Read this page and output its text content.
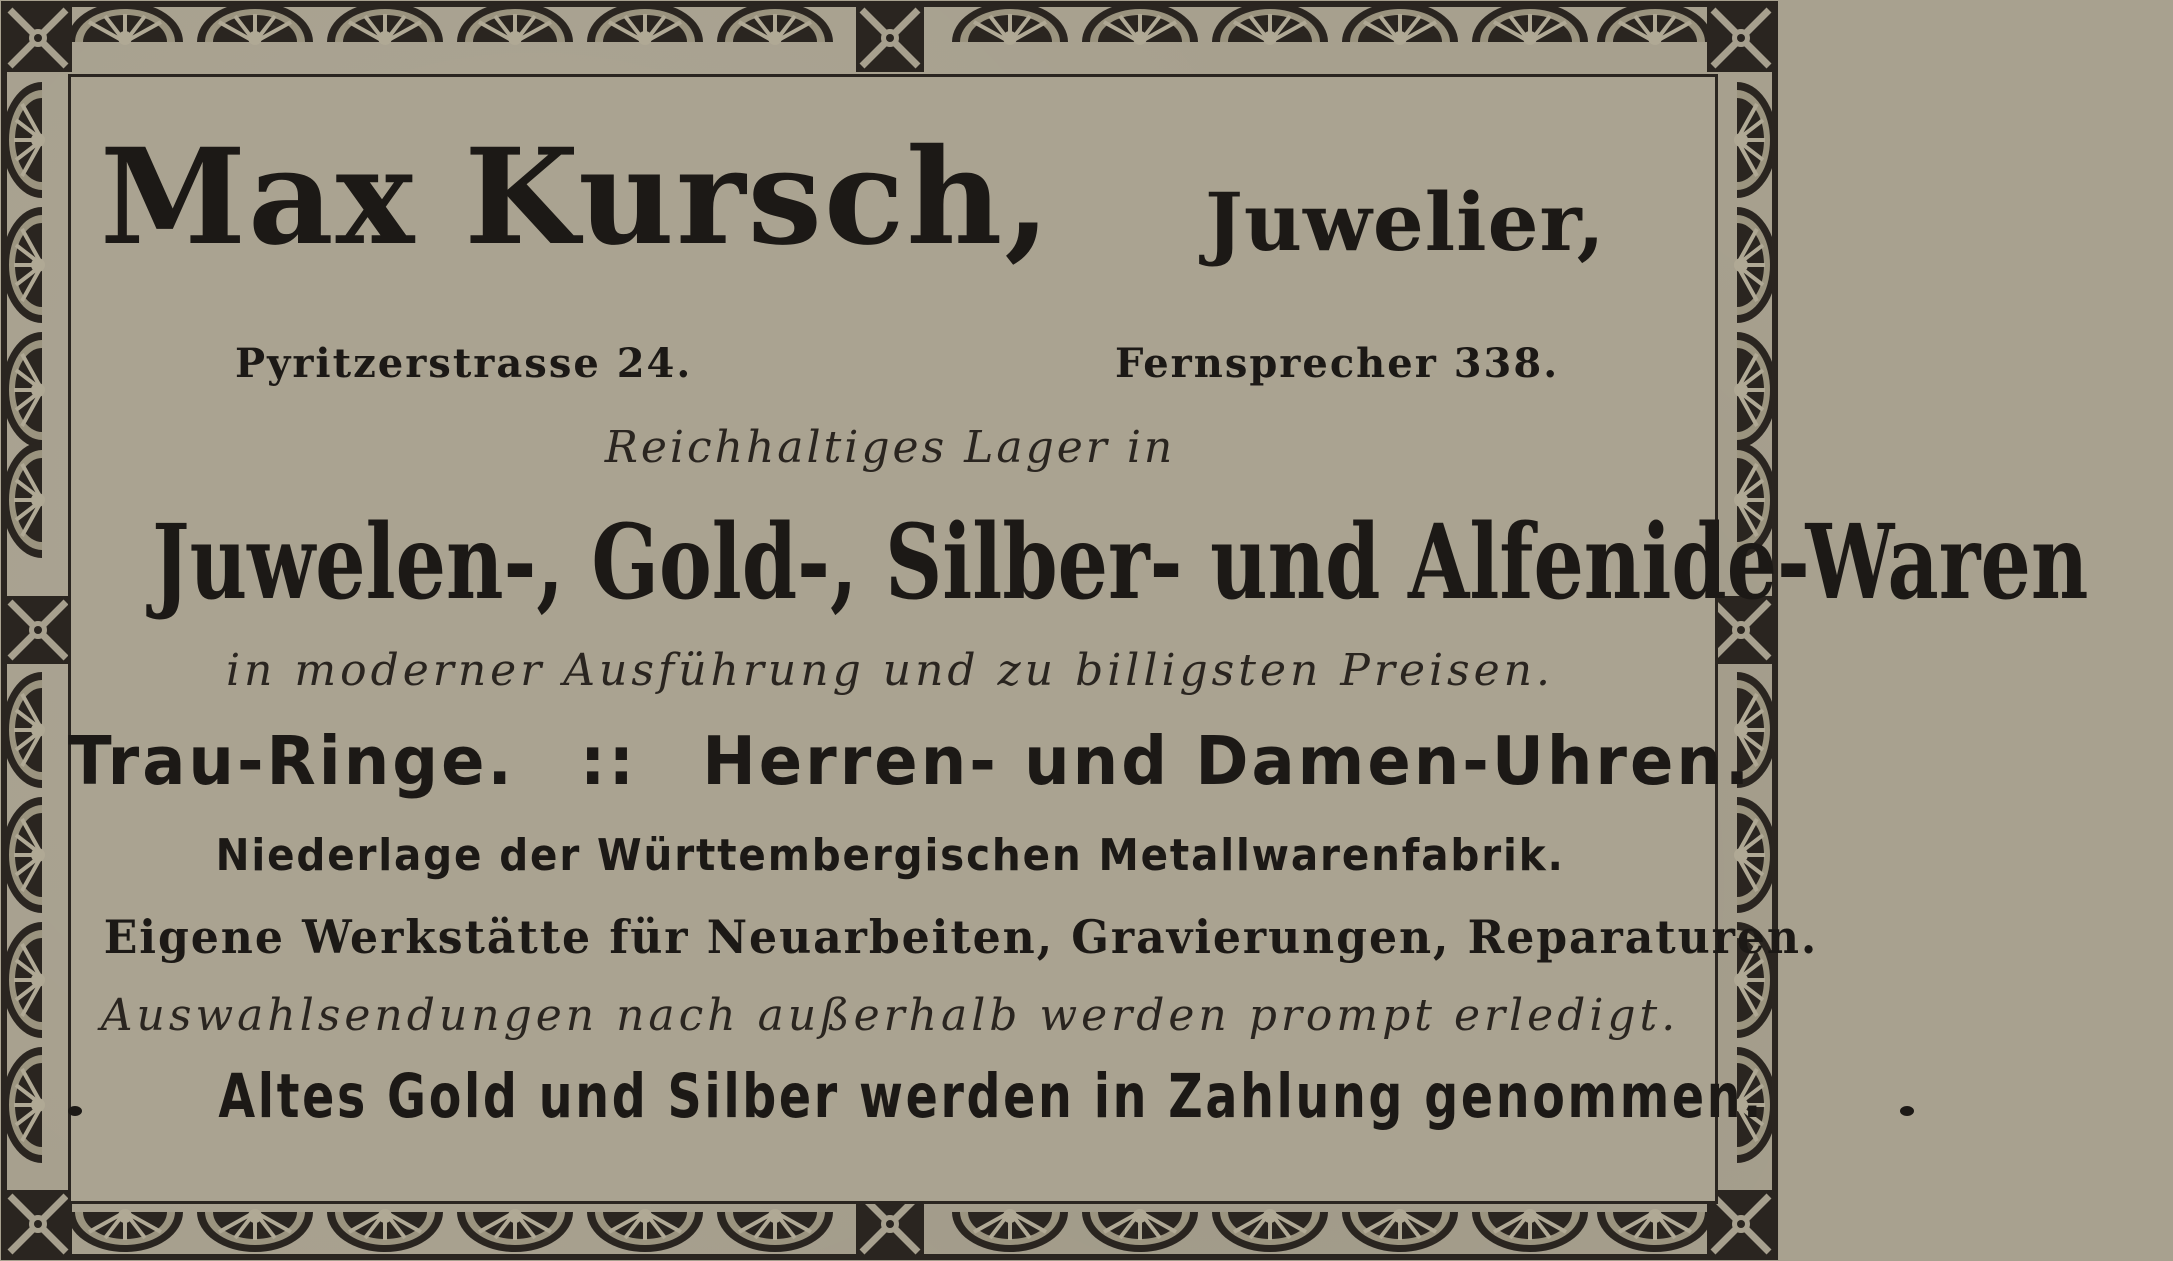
Max Kursch, Juwelier,
Pyritzerstrasse 24.	Fernsprecher 338.
Reichhaltiges Lager in
Juwelen-, Gold-, Silber- und Alfenide-Waren
in moderner Ausführung und zu billigsten Preisen.
Trau-Ringe. :: Herren- und Damen-Uhren.
Niederlage der Württembergischen Metallwarenfabrik.
Eigene Werkstätte für Neuarbeiten, Gravierungen, Reparaturen.
Auswahlsendungen nach außerhalb werden prompt erledigt.
Altes Gold und Silber werden in Zahlung genommen.
